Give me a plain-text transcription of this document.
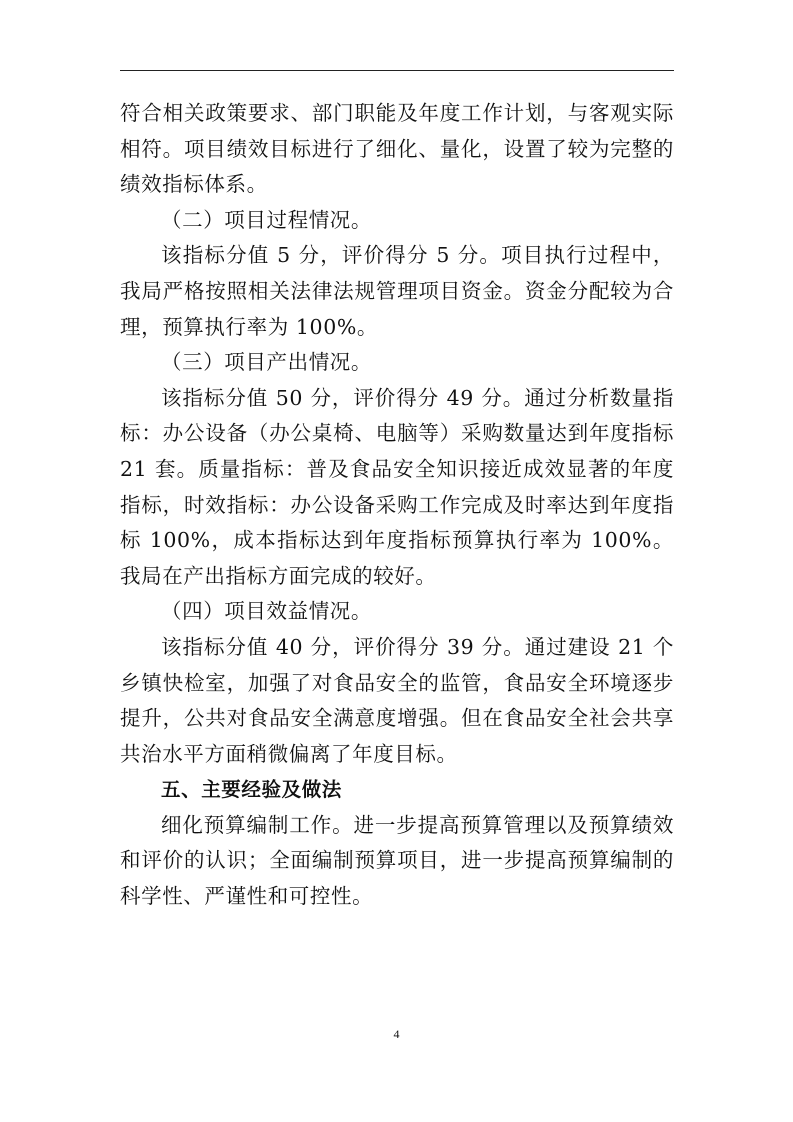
符合相关政策要求、部门职能及年度工作计划，与客观实际相符。项目绩效目标进行了细化、量化，设置了较为完整的绩效指标体系。

（二）项目过程情况。

该指标分值 5 分，评价得分 5 分。项目执行过程中，我局严格按照相关法律法规管理项目资金。资金分配较为合理，预算执行率为 100%。

（三）项目产出情况。

该指标分值 50 分，评价得分 49 分。通过分析数量指标：办公设备（办公桌椅、电脑等）采购数量达到年度指标 21 套。质量指标：普及食品安全知识接近成效显著的年度指标，时效指标：办公设备采购工作完成及时率达到年度指标 100%，成本指标达到年度指标预算执行率为 100%。我局在产出指标方面完成的较好。

（四）项目效益情况。

该指标分值 40 分，评价得分 39 分。通过建设 21 个乡镇快检室，加强了对食品安全的监管，食品安全环境逐步提升，公共对食品安全满意度增强。但在食品安全社会共享共治水平方面稍微偏离了年度目标。

五、主要经验及做法

细化预算编制工作。进一步提高预算管理以及预算绩效和评价的认识；全面编制预算项目，进一步提高预算编制的科学性、严谨性和可控性。

4
